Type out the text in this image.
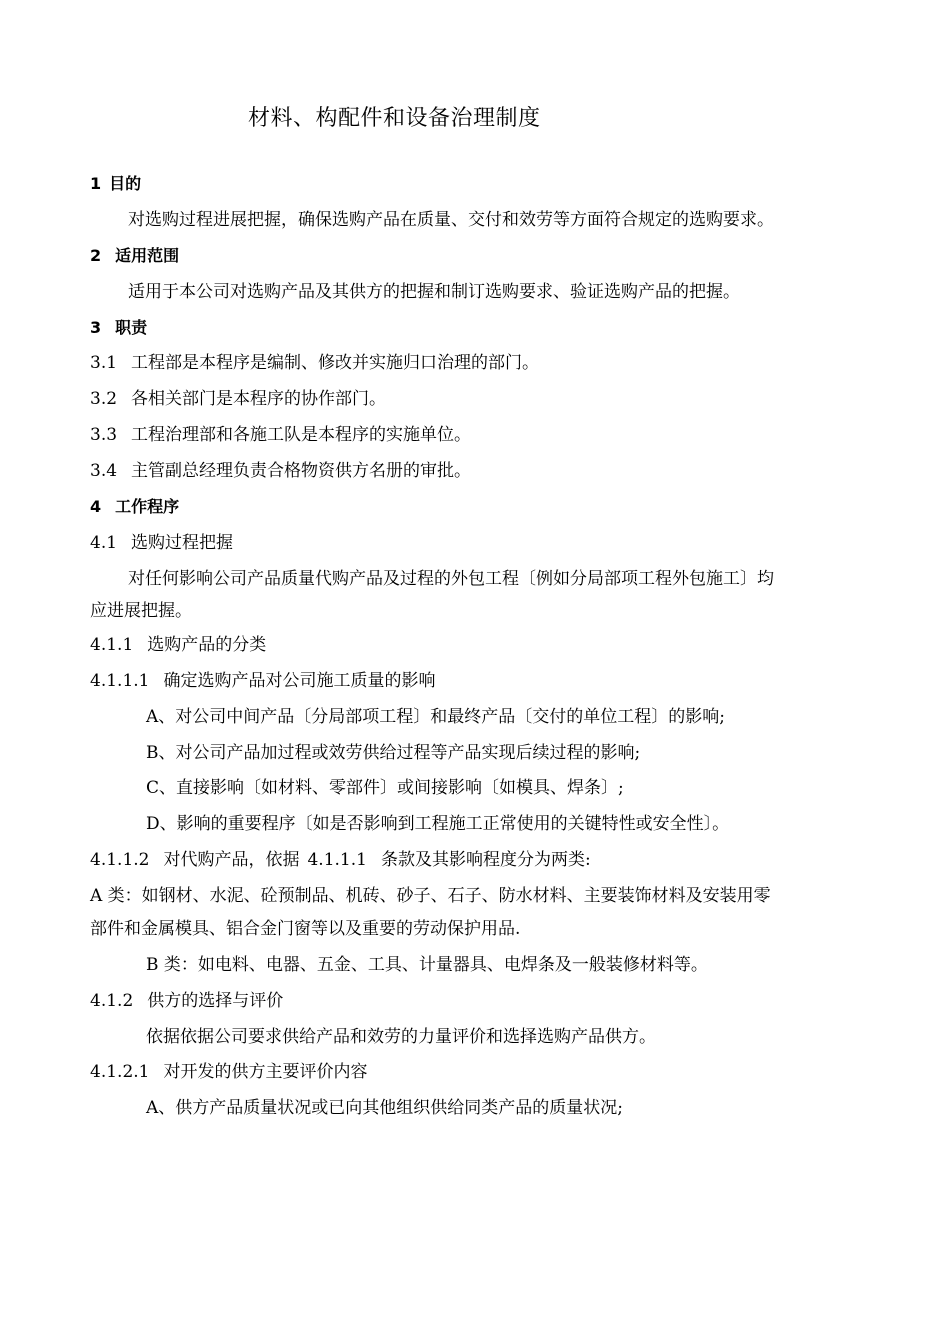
材料、构配件和设备治理制度
1 目的
对选购过程进展把握，确保选购产品在质量、交付和效劳等方面符合规定的选购要求。
2 适用范围
适用于本公司对选购产品及其供方的把握和制订选购要求、验证选购产品的把握。
3 职责
3.1 工程部是本程序是编制、修改并实施归口治理的部门。
3.2 各相关部门是本程序的协作部门。
3.3 工程治理部和各施工队是本程序的实施单位。
3.4 主管副总经理负责合格物资供方名册的审批。
4 工作程序
4.1 选购过程把握
对任何影响公司产品质量代购产品及过程的外包工程〔例如分局部项工程外包施工〕均
应进展把握。
4.1.1 选购产品的分类
4.1.1.1 确定选购产品对公司施工质量的影响
A、对公司中间产品〔分局部项工程〕和最终产品〔交付的单位工程〕的影响;
B、对公司产品加过程或效劳供给过程等产品实现后续过程的影响;
C、直接影响〔如材料、零部件〕或间接影响〔如模具、焊条〕;
D、影响的重要程序〔如是否影响到工程施工正常使用的关键特性或安全性〕。
4.1.1.2 对代购产品，依据 4.1.1.1 条款及其影响程度分为两类:
A 类：如钢材、水泥、砼预制品、机砖、砂子、石子、防水材料、主要装饰材料及安装用零
部件和金属模具、铝合金门窗等以及重要的劳动保护用品.
B 类：如电料、电器、五金、工具、计量器具、电焊条及一般装修材料等。
4.1.2 供方的选择与评价
依据依据公司要求供给产品和效劳的力量评价和选择选购产品供方。
4.1.2.1 对开发的供方主要评价内容
A、供方产品质量状况或已向其他组织供给同类产品的质量状况;
